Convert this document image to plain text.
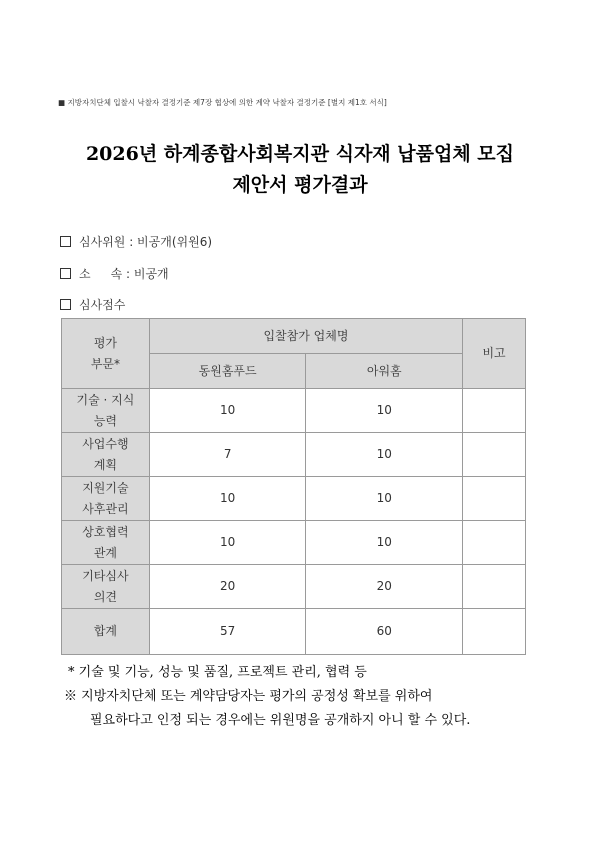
■ 지방자치단체 입찰시 낙찰자 결정기준 제7장 협상에 의한 계약 낙찰자 결정기준 [별지 제1호 서식]
2026년 하계종합사회복지관 식자재 납품업체 모집
제안서 평가결과
심사위원 : 비공개(위원6)
소 속 : 비공개
심사점수
평가
부문*	입찰참가 업체명		비고
	동원홈푸드	아워홈	

기술 · 지식
능력	10	10	

사업수행
계획	7	10	

지원기술
사후관리	10	10	

상호협력
관계	10	10	

기타심사
의견	20	20	
합계	57	60	
* 기술 및 기능, 성능 및 품질, 프로젝트 관리, 협력 등
※ 지방자치단체 또는 계약담당자는 평가의 공정성 확보를 위하여
필요하다고 인정 되는 경우에는 위원명을 공개하지 아니 할 수 있다.
